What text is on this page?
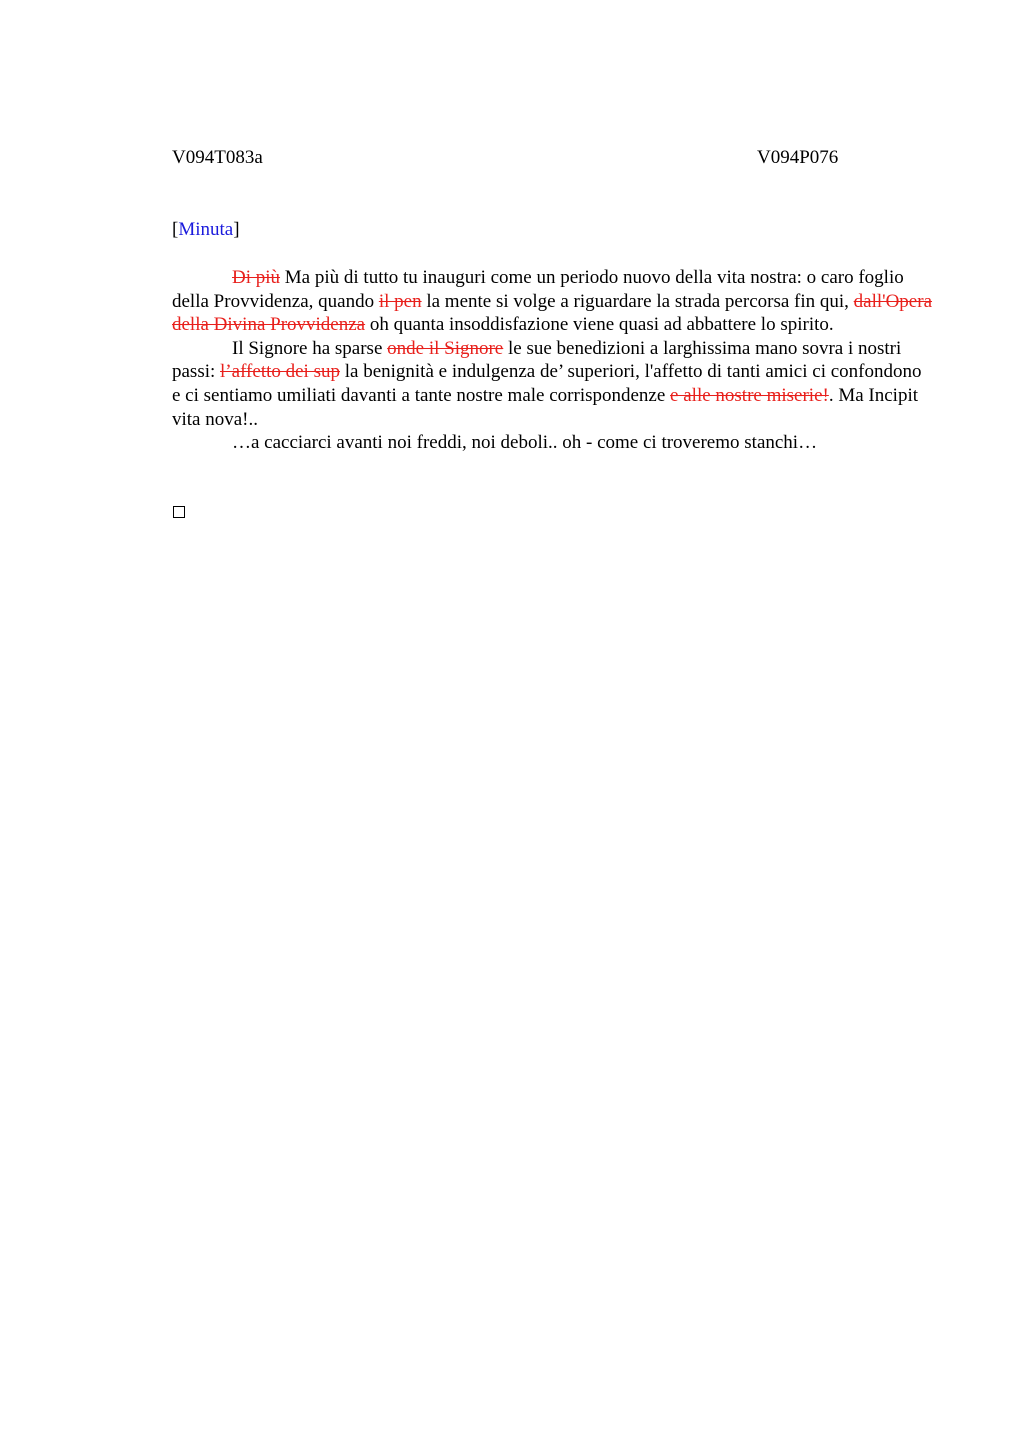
V094T083a	V094P076
[Minuta]

Di più Ma più di tutto tu inauguri come un periodo nuovo della vita nostra: o caro foglio della Provvidenza, quando il pen la mente si volge a riguardare la strada percorsa fin qui, dall'Opera della Divina Provvidenza oh quanta insoddisfazione viene quasi ad abbattere lo spirito.

Il Signore ha sparse onde il Signore le sue benedizioni a larghissima mano sovra i nostri passi: l’affetto dei sup la benignità e indulgenza de’ superiori, l'affetto di tanti amici ci confondono e ci sentiamo umiliati davanti a tante nostre male corrispondenze e alle nostre miserie!. Ma Incipit vita nova!..

…a cacciarci avanti noi freddi, noi deboli.. oh - come ci troveremo stanchi…
